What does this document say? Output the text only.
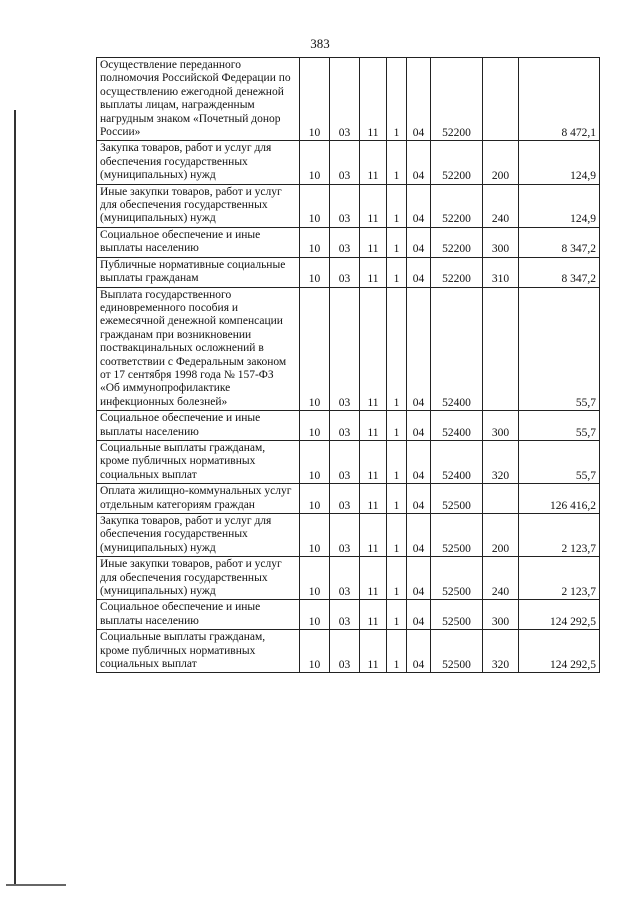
383
Осуществление переданного полномочия Российской Федерации по осуществлению ежегодной денежной выплаты лицам, награжденным нагрудным знаком «Почетный донор России»	10	03	11	1	04	52200		8 472,1
Закупка товаров, работ и услуг для обеспечения государственных (муниципальных) нужд	10	03	11	1	04	52200	200	124,9
Иные закупки товаров, работ и услуг для обеспечения государственных (муниципальных) нужд	10	03	11	1	04	52200	240	124,9
Социальное обеспечение и иные выплаты населению	10	03	11	1	04	52200	300	8 347,2
Публичные нормативные социальные выплаты гражданам	10	03	11	1	04	52200	310	8 347,2
Выплата государственного единовременного пособия и ежемесячной денежной компенсации гражданам при возникновении поствакцинальных осложнений в соответствии с Федеральным законом от 17 сентября 1998 года № 157-ФЗ «Об иммунопрофилактике инфекционных болезней»	10	03	11	1	04	52400		55,7
Социальное обеспечение и иные выплаты населению	10	03	11	1	04	52400	300	55,7
Социальные выплаты гражданам, кроме публичных нормативных социальных выплат	10	03	11	1	04	52400	320	55,7
Оплата жилищно-коммунальных услуг отдельным категориям граждан	10	03	11	1	04	52500		126 416,2
Закупка товаров, работ и услуг для обеспечения государственных (муниципальных) нужд	10	03	11	1	04	52500	200	2 123,7
Иные закупки товаров, работ и услуг для обеспечения государственных (муниципальных) нужд	10	03	11	1	04	52500	240	2 123,7
Социальное обеспечение и иные выплаты населению	10	03	11	1	04	52500	300	124 292,5
Социальные выплаты гражданам, кроме публичных нормативных социальных выплат	10	03	11	1	04	52500	320	124 292,5
